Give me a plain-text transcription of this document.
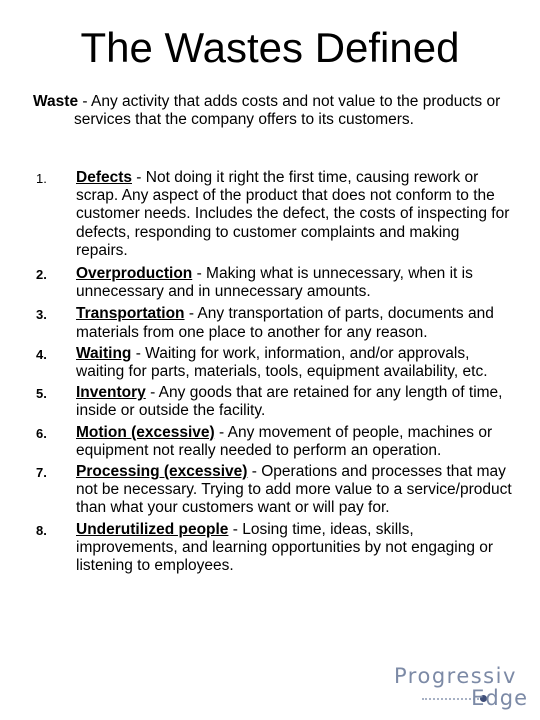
The Wastes Defined
Waste - Any activity that adds costs and not value to the products or services that the company offers to its customers.
1. Defects - Not doing it right the first time, causing rework or scrap. Any aspect of the product that does not conform to the customer needs. Includes the defect, the costs of inspecting for defects, responding to customer complaints and making repairs.
2. Overproduction - Making what is unnecessary, when it is unnecessary and in unnecessary amounts.
3. Transportation - Any transportation of parts, documents and materials from one place to another for any reason.
4. Waiting - Waiting for work, information, and/or approvals, waiting for parts, materials, tools, equipment availability, etc.
5. Inventory - Any goods that are retained for any length of time, inside or outside the facility.
6. Motion (excessive) - Any movement of people, machines or equipment not really needed to perform an operation.
7. Processing (excessive) - Operations and processes that may not be necessary. Trying to add more value to a service/product than what your customers want or will pay for.
8. Underutilized people - Losing time, ideas, skills, improvements, and learning opportunities by not engaging or listening to employees.
Progressiv
Edge
